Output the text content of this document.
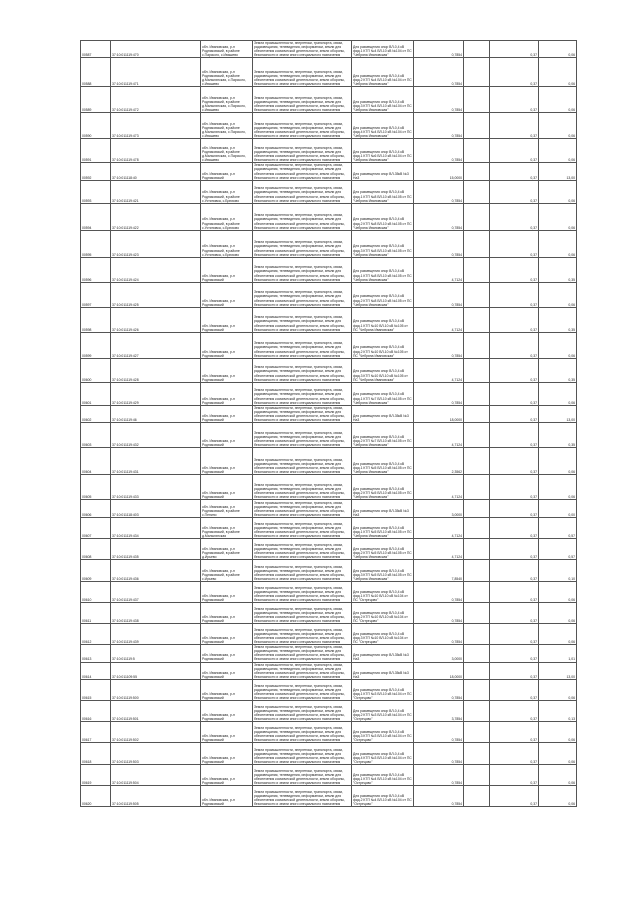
00587	37:10:011119:470	обл. Ивановская, р-н Родниковский, в районе с.Парского, с.Ивашево	Земли промышленности, энергетики, транспорта, связи, радиовещания, телевидения, информатики, земли для обеспечения космической деятельности, земли обороны, безопасности и земли иного специального назначения	Для размещения опор ВЛ-0,4 кВ фид.1 КТП №4 ВЛ-10 кВ №104 от ПС "Чебряна Ивановская"	0,7854		0,37	0,06
00588	37:10:011119:471	обл. Ивановская, р-н Родниковский, в районе д.Малыгинская, с.Парского, с.Ивашево	Земли промышленности, энергетики, транспорта, связи, радиовещания, телевидения, информатики, земли для обеспечения космической деятельности, земли обороны, безопасности и земли иного специального назначения	Для размещения опор ВЛ-0,4 кВ фид.2 КТП №4 ВЛ-10 кВ №104 от ПС "Чебряна Ивановская"	0,7854		0,37	0,06
00589	37:10:011119:472	обл. Ивановская, р-н Родниковский, в районе д.Малыгинская, с.Парского, с.Ивашево	Земли промышленности, энергетики, транспорта, связи, радиовещания, телевидения, информатики, земли для обеспечения космической деятельности, земли обороны, безопасности и земли иного специального назначения	Для размещения опор ВЛ-0,4 кВ фид.3 КТП №4 ВЛ-10 кВ №104 от ПС "Чебряна Ивановская"	0,7854		0,37	0,06
00590	37:10:011119:473	обл. Ивановская, р-н Родниковский, в районе д.Малыгинская, с.Парского, с.Ивашево	Земли промышленности, энергетики, транспорта, связи, радиовещания, телевидения, информатики, земли для обеспечения космической деятельности, земли обороны, безопасности и земли иного специального назначения	Для размещения опор ВЛ-0,4 кВ фид.4 КТП №4 ВЛ-10 кВ №104 от ПС "Чебряна Ивановская"	0,7854		0,37	0,06
00591	37:10:011119:478	обл. Ивановская, р-н Родниковский, в районе д.Малыгинская, с.Парского, с.Ивашево	Земли промышленности, энергетики, транспорта, связи, радиовещания, телевидения, информатики, земли для обеспечения космической деятельности, земли обороны, безопасности и земли иного специального назначения	Для размещения опор ВЛ-0,4 кВ фид.1 КТП №6 ВЛ-10 кВ №104 от ПС "Чебряна Ивановская"	0,7854		0,37	0,06
00592	37:10:011118:40	обл. Ивановская, р-н Родниковский	Земли промышленности, энергетики, транспорта, связи, радиовещания, телевидения, информатики, земли для обеспечения космической деятельности, земли обороны, безопасности и земли иного специального назначения	Для размещения опор ВЛ-35кВ №3 На3	15,0000		0,37	13,00
00593	37:10:011119:421	обл. Ивановская, р-н Родниковский, в районе с.Устиновка, с.Брюхово	Земли промышленности, энергетики, транспорта, связи, радиовещания, телевидения, информатики, земли для обеспечения космической деятельности, земли обороны, безопасности и земли иного специального назначения	Для размещения опор ВЛ-0,4 кВ фид.1 КТП №8 ВЛ-10 кВ №105 от ПС "Чебряна Ивановская"	0,7854		0,37	0,06
00594	37:10:011119:422	обл. Ивановская, р-н Родниковский, в районе с.Устиновка, с.Брюхово	Земли промышленности, энергетики, транспорта, связи, радиовещания, телевидения, информатики, земли для обеспечения космической деятельности, земли обороны, безопасности и земли иного специального назначения	Для размещения опор ВЛ-0,4 кВ фид.2 КТП №8 ВЛ-10 кВ №105 от ПС "Чебряна Ивановская"	0,7854		0,37	0,06
00595	37:10:011119:423	обл. Ивановская, р-н Родниковский, в районе с.Устиновка, с.Брюхово	Земли промышленности, энергетики, транспорта, связи, радиовещания, телевидения, информатики, земли для обеспечения космической деятельности, земли обороны, безопасности и земли иного специального назначения	Для размещения опор ВЛ-0,4 кВ фид.3 КТП №8 ВЛ-10 кВ №105 от ПС "Чебряна Ивановская"	0,7854		0,37	0,06
00596	37:10:011119:424	обл. Ивановская, р-н Родниковский	Земли промышленности, энергетики, транспорта, связи, радиовещания, телевидения, информатики, земли для обеспечения космической деятельности, земли обороны, безопасности и земли иного специального назначения	Для размещения опор ВЛ-0,4 кВ фид.1 КТП №8 ВЛ-10 кВ №105 от ПС "Чебряна Ивановская"	4,7124		0,37	0,35
00597	37:10:011119:425	обл. Ивановская, р-н Родниковский	Земли промышленности, энергетики, транспорта, связи, радиовещания, телевидения, информатики, земли для обеспечения космической деятельности, земли обороны, безопасности и земли иного специального назначения	Для размещения опор ВЛ-0,4 кВ фид.2 КТП №8 ВЛ-10 кВ №105 от ПС "Чебряна Ивановская"	0,7854		0,37	0,06
00598	37:10:011119:426	обл. Ивановская, р-н Родниковский	Земли промышленности, энергетики, транспорта, связи, радиовещания, телевидения, информатики, земли для обеспечения космической деятельности, земли обороны, безопасности и земли иного специального назначения	Для размещения опор ВЛ-0,4 кВ фид.1 КТП №10 ВЛ-10 кВ №105 от ПС "Чебряна Ивановская"	4,7124		0,37	0,35
00599	37:10:011119:427	обл. Ивановская, р-н Родниковский	Земли промышленности, энергетики, транспорта, связи, радиовещания, телевидения, информатики, земли для обеспечения космической деятельности, земли обороны, безопасности и земли иного специального назначения	Для размещения опор ВЛ-0,4 кВ фид.2 КТП №10 ВЛ-10 кВ №105 от ПС "Чебряна Ивановская"	0,7854		0,37	0,06
00600	37:10:011119:428	обл. Ивановская, р-н Родниковский	Земли промышленности, энергетики, транспорта, связи, радиовещания, телевидения, информатики, земли для обеспечения космической деятельности, земли обороны, безопасности и земли иного специального назначения	Для размещения опор ВЛ-0,4 кВ фид.3 КТП №10 ВЛ-10 кВ №105 от ПС "Чебряна Ивановская"	4,7124		0,37	0,35
00601	37:10:011119:429	обл. Ивановская, р-н Родниковский	Земли промышленности, энергетики, транспорта, связи, радиовещания, телевидения, информатики, земли для обеспечения космической деятельности, земли обороны, безопасности и земли иного специального назначения	Для размещения опор ВЛ-0,4 кВ фид.1 КТП №7 ВЛ-10 кВ №105 от ПС "Чебряна Ивановская"	0,7854		0,37	0,06
00602	37:10:011119:46	обл. Ивановская, р-н Родниковский	Земли промышленности, энергетики, транспорта, связи, радиовещания, телевидения, информатики, земли для обеспечения космической деятельности, земли обороны, безопасности и земли иного специального назначения	Для размещения опор ВЛ-35кВ №3 На3	18,0000		0,37	13,00
00603	37:10:011119:432	обл. Ивановская, р-н Родниковский	Земли промышленности, энергетики, транспорта, связи, радиовещания, телевидения, информатики, земли для обеспечения космической деятельности, земли обороны, безопасности и земли иного специального назначения	Для размещения опор ВЛ-0,4 кВ фид.2 КТП №7 ВЛ-10 кВ №105 от ПС "Чебряна Ивановская"	4,7124		0,37	0,35
00604	37:10:011119:431	обл. Ивановская, р-н Родниковский	Земли промышленности, энергетики, транспорта, связи, радиовещания, телевидения, информатики, земли для обеспечения космической деятельности, земли обороны, безопасности и земли иного специального назначения	Для размещения опор ВЛ-0,4 кВ фид.1 КТП №5 ВЛ-10 кВ №105 от ПС "Чебряна Ивановская"	2,3562		0,37	0,06
00605	37:10:011119:433	обл. Ивановская, р-н Родниковский	Земли промышленности, энергетики, транспорта, связи, радиовещания, телевидения, информатики, земли для обеспечения космической деятельности, земли обороны, безопасности и земли иного специального назначения	Для размещения опор ВЛ-0,4 кВ фид.2 КТП №5 ВЛ-10 кВ №105 от ПС "Чебряна Ивановская"	4,7124		0,37	0,06
00606	37:10:011118:403	обл. Ивановская, р-н Родниковский, в районе с.Пенино	Земли промышленности, энергетики, транспорта, связи, радиовещания, телевидения, информатики, земли для обеспечения космической деятельности, земли обороны, безопасности и земли иного специального назначения	Для размещения опор ВЛ-35кВ №3 На3	3,0000		0,37	0,00
00607	37:10:011119:434	обл. Ивановская, р-н Родниковский, в районе д.Малыгинская	Земли промышленности, энергетики, транспорта, связи, радиовещания, телевидения, информатики, земли для обеспечения космической деятельности, земли обороны, безопасности и земли иного специального назначения	Для размещения опор ВЛ-0,4 кВ фид.1 КТП №5 ВЛ-10 кВ №105 от ПС "Чебряна Ивановская"	4,7124		0,37	0,57
00608	37:10:011119:435	обл. Ивановская, р-н Родниковский, в районе д.Ирьево	Земли промышленности, энергетики, транспорта, связи, радиовещания, телевидения, информатики, земли для обеспечения космической деятельности, земли обороны, безопасности и земли иного специального назначения	Для размещения опор ВЛ-0,4 кВ фид.2 КТП №5 ВЛ-10 кВ №105 от ПС "Чебряна Ивановская"	4,7124		0,37	0,57
00609	37:10:011119:436	обл. Ивановская, р-н Родниковский, в районе с.Ирьево	Земли промышленности, энергетики, транспорта, связи, радиовещания, телевидения, информатики, земли для обеспечения космической деятельности, земли обороны, безопасности и земли иного специального назначения	Для размещения опор ВЛ-0,4 кВ фид.3 КТП №5 ВЛ-10 кВ №105 от ПС "Чебряна Ивановская"	7,8540		0,37	0,10
00610	37:10:011119:437	обл. Ивановская, р-н Родниковский	Земли промышленности, энергетики, транспорта, связи, радиовещания, телевидения, информатики, земли для обеспечения космической деятельности, земли обороны, безопасности и земли иного специального назначения	Для размещения опор ВЛ-0,4 кВ фид.1 КТП №10 ВЛ-10 кВ №104 от ПС "Острецово"	0,7854		0,37	0,06
00611	37:10:011119:438	обл. Ивановская, р-н Родниковский	Земли промышленности, энергетики, транспорта, связи, радиовещания, телевидения, информатики, земли для обеспечения космической деятельности, земли обороны, безопасности и земли иного специального назначения	Для размещения опор ВЛ-0,4 кВ фид.2 КТП №10 ВЛ-10 кВ №104 от ПС "Острецово"	0,7854		0,37	0,06
00612	37:10:011119:439	обл. Ивановская, р-н Родниковский	Земли промышленности, энергетики, транспорта, связи, радиовещания, телевидения, информатики, земли для обеспечения космической деятельности, земли обороны, безопасности и земли иного специального назначения	Для размещения опор ВЛ-0,4 кВ фид.3 КТП №10 ВЛ-10 кВ №104 от ПС "Острецово"	0,7854		0,37	0,06
00613	37:10:011119:5	обл. Ивановская, р-н Родниковский	Земли промышленности, энергетики, транспорта, связи, радиовещания, телевидения, информатики, земли для обеспечения космической деятельности, земли обороны, безопасности и земли иного специального назначения	Для размещения опор ВЛ-35кВ №3 На3	3,0000		0,37	1,01
00614	37:10:011109:55	обл. Ивановская, р-н Родниковский	Земли промышленности, энергетики, транспорта, связи, радиовещания, телевидения, информатики, земли для обеспечения космической деятельности, земли обороны, безопасности и земли иного специального назначения	Для размещения опор ВЛ-35кВ №3 На3	18,0000		0,37	13,00
00615	37:10:011119:500	обл. Ивановская, р-н Родниковский	Земли промышленности, энергетики, транспорта, связи, радиовещания, телевидения, информатики, земли для обеспечения космической деятельности, земли обороны, безопасности и земли иного специального назначения	Для размещения опор ВЛ-0,4 кВ фид.1 КТП №3 ВЛ-10 кВ №104 от ПС "Острецово"	0,7854		0,37	0,06
00616	37:10:011119:501	обл. Ивановская, р-н Родниковский	Земли промышленности, энергетики, транспорта, связи, радиовещания, телевидения, информатики, земли для обеспечения космической деятельности, земли обороны, безопасности и земли иного специального назначения	Для размещения опор ВЛ-0,4 кВ фид.2 КТП №3 ВЛ-10 кВ №104 от ПС "Острецово"	3,7854		0,37	0,13
00617	37:10:011119:502	обл. Ивановская, р-н Родниковский	Земли промышленности, энергетики, транспорта, связи, радиовещания, телевидения, информатики, земли для обеспечения космической деятельности, земли обороны, безопасности и земли иного специального назначения	Для размещения опор ВЛ-0,4 кВ фид.3 КТП №3 ВЛ-10 кВ №104 от ПС "Острецово"	0,7854		0,37	0,06
00618	37:10:011119:503	обл. Ивановская, р-н Родниковский	Земли промышленности, энергетики, транспорта, связи, радиовещания, телевидения, информатики, земли для обеспечения космической деятельности, земли обороны, безопасности и земли иного специального назначения	Для размещения опор ВЛ-0,4 кВ фид.4 КТП №3 ВЛ-10 кВ №104 от ПС "Острецово"	0,7854		0,37	0,06
00619	37:10:011119:504	обл. Ивановская, р-н Родниковский	Земли промышленности, энергетики, транспорта, связи, радиовещания, телевидения, информатики, земли для обеспечения космической деятельности, земли обороны, безопасности и земли иного специального назначения	Для размещения опор ВЛ-0,4 кВ фид.1 КТП №4 ВЛ-10 кВ №104 от ПС "Острецово"	0,7854		0,37	0,06
00620	37:10:011119:505	обл. Ивановская, р-н Родниковский	Земли промышленности, энергетики, транспорта, связи, радиовещания, телевидения, информатики, земли для обеспечения космической деятельности, земли обороны, безопасности и земли иного специального назначения	Для размещения опор ВЛ-0,4 кВ фид.2 КТП №4 ВЛ-10 кВ №104 от ПС "Острецово"	0,7854		0,37	0,06
